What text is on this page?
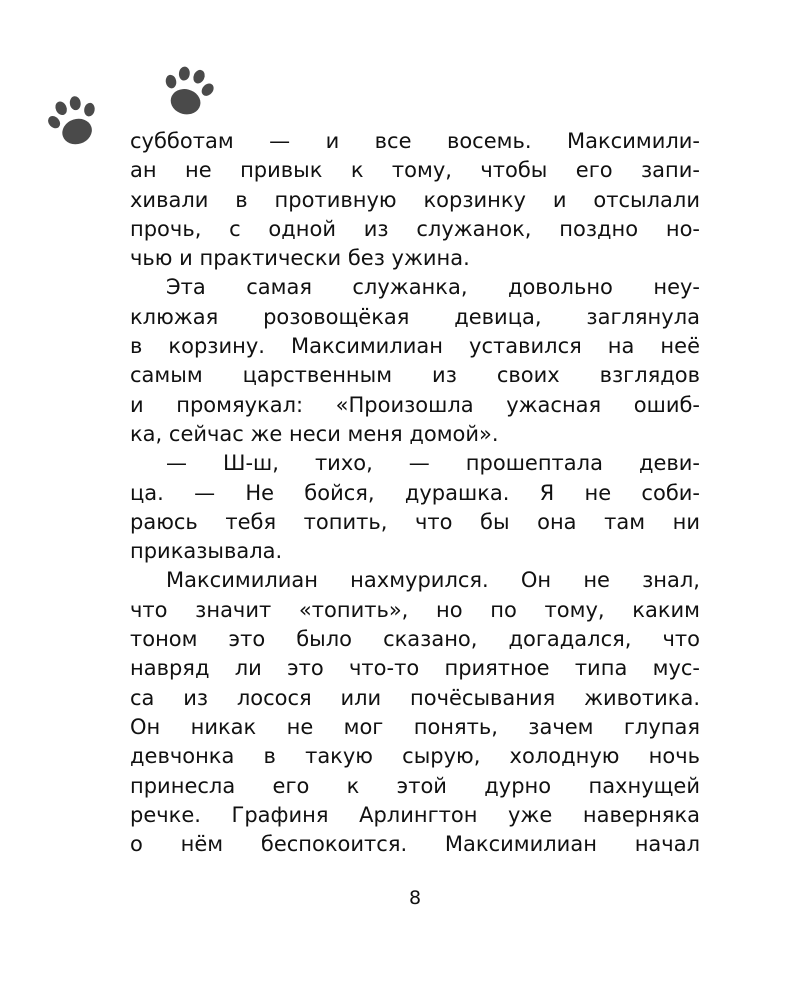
субботам — и все восемь. Максимили-
ан не привык к тому, чтобы его запи-
хивали в противную корзинку и отсылали
прочь, с одной из служанок, поздно но-
чью и практически без ужина.
Эта самая служанка, довольно неу-
клюжая розовощёкая девица, заглянула
в корзину. Максимилиан уставился на неё
самым царственным из своих взглядов
и промяукал: «Произошла ужасная ошиб-
ка, сейчас же неси меня домой».
— Ш-ш, тихо, — прошептала деви-
ца. — Не бойся, дурашка. Я не соби-
раюсь тебя топить, что бы она там ни
приказывала.
Максимилиан нахмурился. Он не знал,
что значит «топить», но по тому, каким
тоном это было сказано, догадался, что
навряд ли это что-то приятное типа мус-
са из лосося или почёсывания животика.
Он никак не мог понять, зачем глупая
девчонка в такую сырую, холодную ночь
принесла его к этой дурно пахнущей
речке. Графиня Арлингтон уже наверняка
о нём беспокоится. Максимилиан начал
8
